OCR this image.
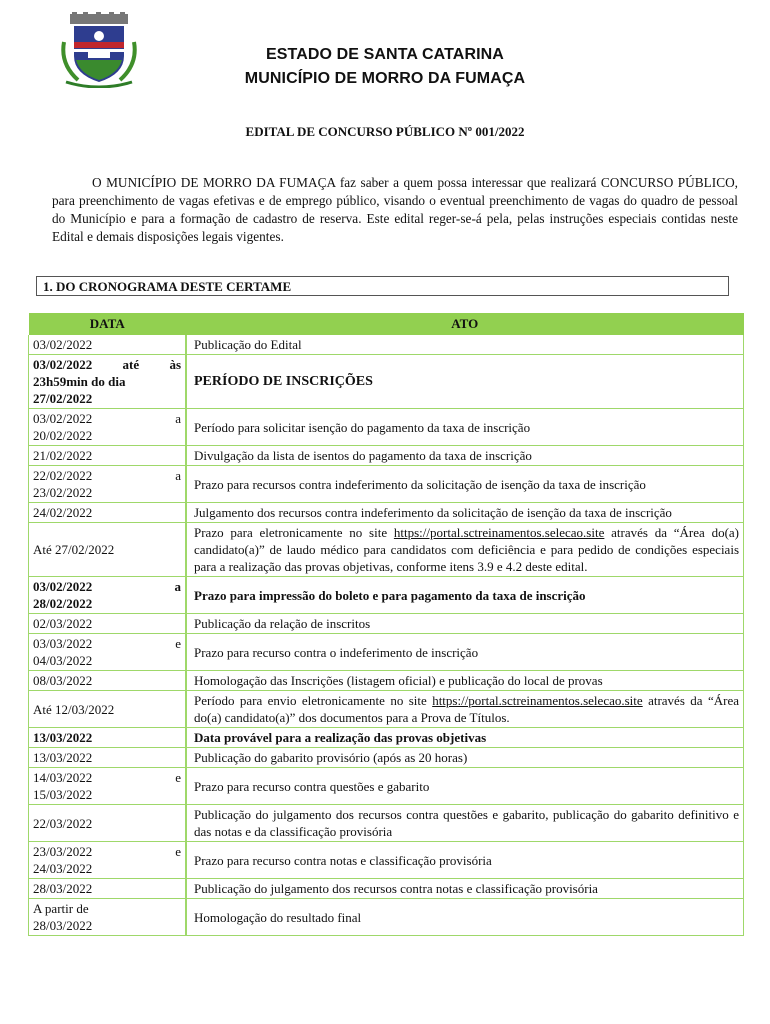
ESTADO DE SANTA CATARINA
MUNICÍPIO DE MORRO DA FUMAÇA
EDITAL DE CONCURSO PÚBLICO Nº 001/2022

O MUNICÍPIO DE MORRO DA FUMAÇA faz saber a quem possa interessar que realizará CONCURSO PÚBLICO, para preenchimento de vagas efetivas e de emprego público, visando o eventual preenchimento de vagas do quadro de pessoal do Município e para a formação de cadastro de reserva. Este edital reger-se-á pela, pelas instruções especiais contidas neste Edital e demais disposições legais vigentes.

1. DO CRONOGRAMA DESTE CERTAME
DATA	ATO
03/02/2022	Publicação do Edital

03/02/2022 até às
23h59min do dia
27/02/2022	PERÍODO DE INSCRIÇÕES

03/02/2022 a
20/02/2022	Período para solicitar isenção do pagamento da taxa de inscrição
21/02/2022	Divulgação da lista de isentos do pagamento da taxa de inscrição

22/02/2022 a
23/02/2022	Prazo para recursos contra indeferimento da solicitação de isenção da taxa de inscrição
24/02/2022	Julgamento dos recursos contra indeferimento da solicitação de isenção da taxa de inscrição
Até 27/02/2022	Prazo para eletronicamente no site https://portal.sctreinamentos.selecao.site através da “Área do(a) candidato(a)” de laudo médico para candidatos com deficiência e para pedido de condições especiais para a realização das provas objetivas, conforme itens 3.9 e 4.2 deste edital.

03/02/2022 a
28/02/2022	Prazo para impressão do boleto e para pagamento da taxa de inscrição
02/03/2022	Publicação da relação de inscritos

03/03/2022 e
04/03/2022	Prazo para recurso contra o indeferimento de inscrição
08/03/2022	Homologação das Inscrições (listagem oficial) e publicação do local de provas
Até 12/03/2022	Período para envio eletronicamente no site https://portal.sctreinamentos.selecao.site através da “Área do(a) candidato(a)” dos documentos para a Prova de Títulos.
13/03/2022	Data provável para a realização das provas objetivas
13/03/2022	Publicação do gabarito provisório (após as 20 horas)

14/03/2022 e
15/03/2022	Prazo para recurso contra questões e gabarito
22/03/2022	Publicação do julgamento dos recursos contra questões e gabarito, publicação do gabarito definitivo e das notas e da classificação provisória

23/03/2022 e
24/03/2022	Prazo para recurso contra notas e classificação provisória
28/03/2022	Publicação do julgamento dos recursos contra notas e classificação provisória

A partir de
28/03/2022	Homologação do resultado final
